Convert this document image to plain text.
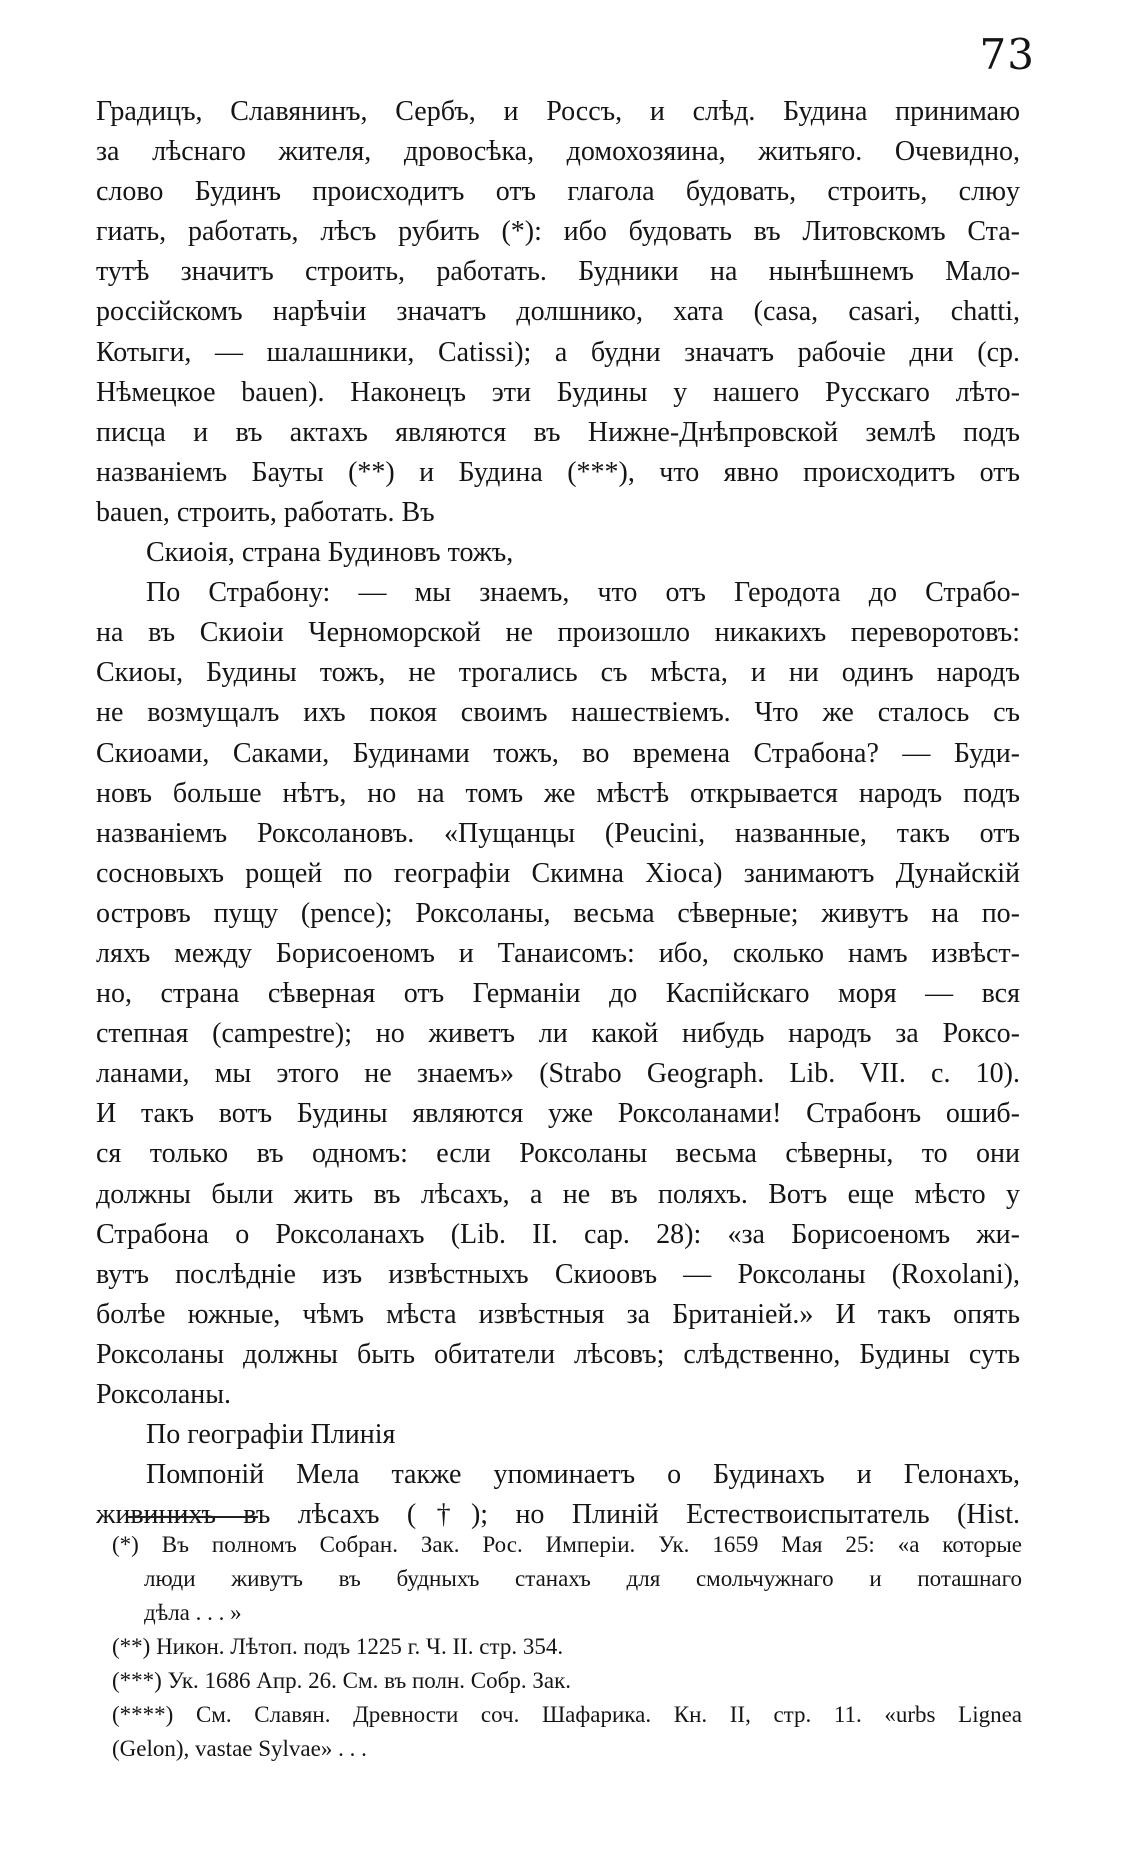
73
Градицъ, Славянинъ, Сербъ, и Россъ, и слѣд. Будина принимаю
за лѣснаго жителя, дровосѣка, домохозяина, житьяго. Очевидно,
слово Будинъ происходитъ отъ глагола будовать, строить, слюу
гиать, работать, лѣсъ рубить (*): ибо будовать въ Литовскомъ Ста-
тутѣ значитъ строить, работать. Будники на нынѣшнемъ Мало-
россійскомъ нарѣчіи значатъ долшнико, хата (casa, casari, chatti,
Котыги, — шалашники, Catissi); а будни значатъ рабочіе дни (ср.
Нѣмецкое bauen). Наконецъ эти Будины у нашего Русскаго лѣто-
писца и въ актахъ являются въ Нижне-Днѣпровской землѣ подъ
названіемъ Бауты (**) и Будина (***), что явно происходитъ отъ
bauen, строить, работать. Въ
Скиоія, страна Будиновъ тожъ,
По Страбону: — мы знаемъ, что отъ Геродота до Страбо-
на въ Скиоіи Черноморской не произошло никакихъ переворотовъ:
Скиоы, Будины тожъ, не трогались съ мѣста, и ни одинъ народъ
не возмущалъ ихъ покоя своимъ нашествіемъ. Что же сталось съ
Скиоами, Саками, Будинами тожъ, во времена Страбона? — Буди-
новъ больше нѣтъ, но на томъ же мѣстѣ открывается народъ подъ
названіемъ Роксолановъ. «Пущанцы (Peucini, названные, такъ отъ
сосновыхъ рощей по географіи Скимна Хіоса) занимаютъ Дунайскій
островъ пущу (pence); Роксоланы, весьма сѣверные; живутъ на по-
ляхъ между Борисоеномъ и Танаисомъ: ибо, сколько намъ извѣст-
но, страна сѣверная отъ Германіи до Каспійскаго моря — вся
степная (campestre); но живетъ ли какой нибудь народъ за Роксо-
ланами, мы этого не знаемъ» (Strabo Geograph. Lib. VII. c. 10).
И такъ вотъ Будины являются уже Роксоланами! Страбонъ ошиб-
ся только въ одномъ: если Роксоланы весьма сѣверны, то они
должны были жить въ лѣсахъ, а не въ поляхъ. Вотъ еще мѣсто у
Страбона о Роксоланахъ (Lib. II. cap. 28): «за Борисоеномъ жи-
вутъ послѣдніе изъ извѣстныхъ Скиоовъ — Роксоланы (Roxolani),
болѣе южные, чѣмъ мѣста извѣстныя за Британіей.» И такъ опять
Роксоланы должны быть обитатели лѣсовъ; слѣдственно, Будины суть
Роксоланы.
По географіи Плинія
Помпоній Мела также упоминаетъ о Будинахъ и Гелонахъ,
живинихъ въ лѣсахъ (†); но Плиній Естествоиспытатель (Hist.
(*) Въ полномъ Собран. Зак. Рос. Имперіи. Ук. 1659 Мая 25: «а которые
люди живутъ въ будныхъ станахъ для смольчужнаго и поташнаго
дѣла . . . »
(**) Никон. Лѣтоп. подъ 1225 г. Ч. II. стр. 354.
(***) Ук. 1686 Апр. 26. См. въ полн. Собр. Зак.
(****) См. Славян. Древности соч. Шафарика. Кн. II, стр. 11. «urbs Lignea
(Gelon), vastae Sylvae» . . .
